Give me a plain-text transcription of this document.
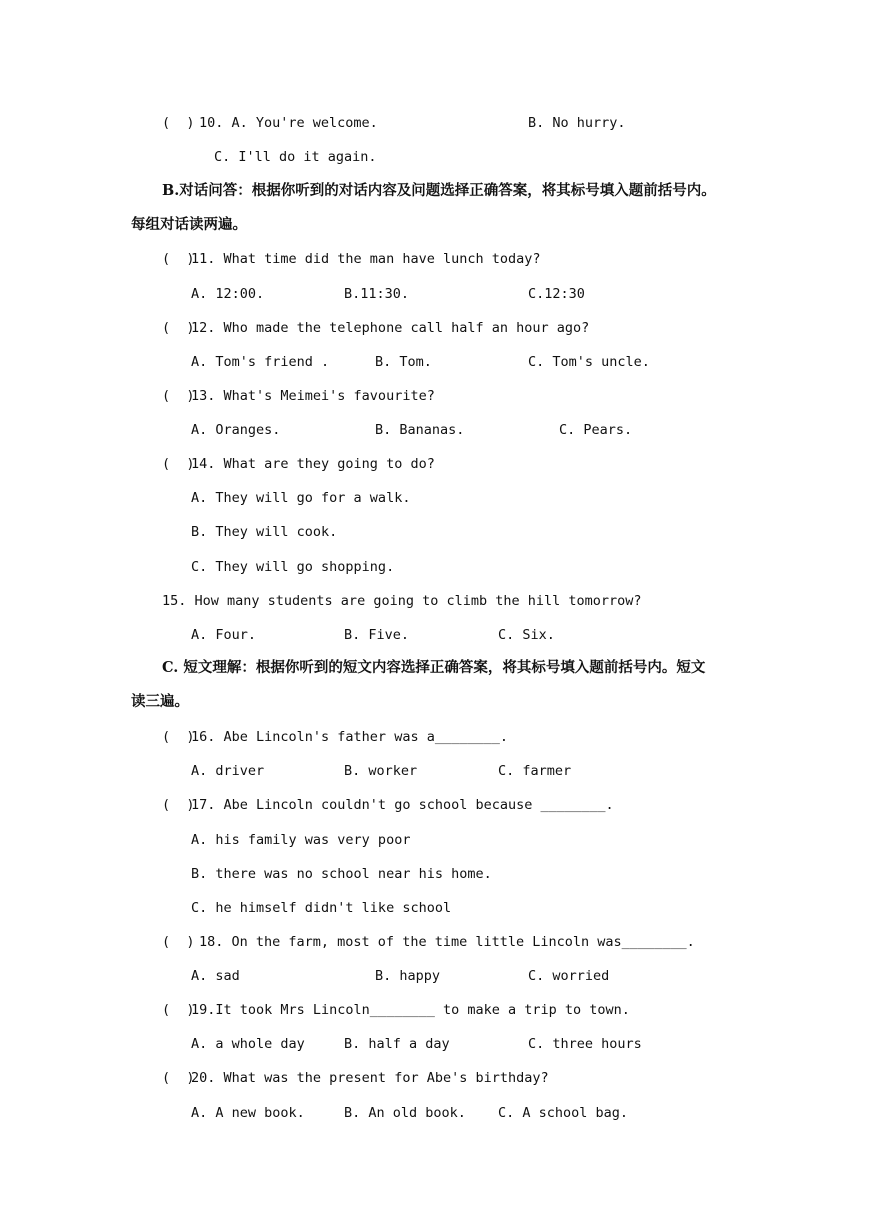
(  ) 10. A. You're welcome.	B. No hurry.
C. I'll do it again.
B.对话问答：根据你听到的对话内容及问题选择正确答案，将其标号填入题前括号内。
每组对话读两遍。
(  )
11. What time did the man have lunch today?
A. 12:00.	B.11:30.	C.12:30
(  )
12. Who made the telephone call half an hour ago?
A. Tom's friend .	B. Tom.	C. Tom's uncle.
(  )
13. What's Meimei's favourite?
A. Oranges.	B. Bananas.	C. Pears.
(  )
14. What are they going to do?
A. They will go for a walk.
B. They will cook.
C. They will go shopping.
15. How many students are going to climb the hill tomorrow?
A. Four.	B. Five.	C. Six.
C. 短文理解：根据你听到的短文内容选择正确答案，将其标号填入题前括号内。短文
读三遍。
(  )
16. Abe Lincoln's father was a________.
A. driver	B. worker	C. farmer
(  )
17. Abe Lincoln couldn't go school because ________.
A. his family was very poor
B. there was no school near his home.
C. he himself didn't like school
(  ) 18. On the farm, most of the time little Lincoln was________.
A. sad	B. happy	C. worried
(  )
19.It took Mrs Lincoln________ to make a trip to town.
A. a whole day	B. half a day	C. three hours
(  )
20. What was the present for Abe's birthday?
A. A new book.	B. An old book. C. A school bag.
